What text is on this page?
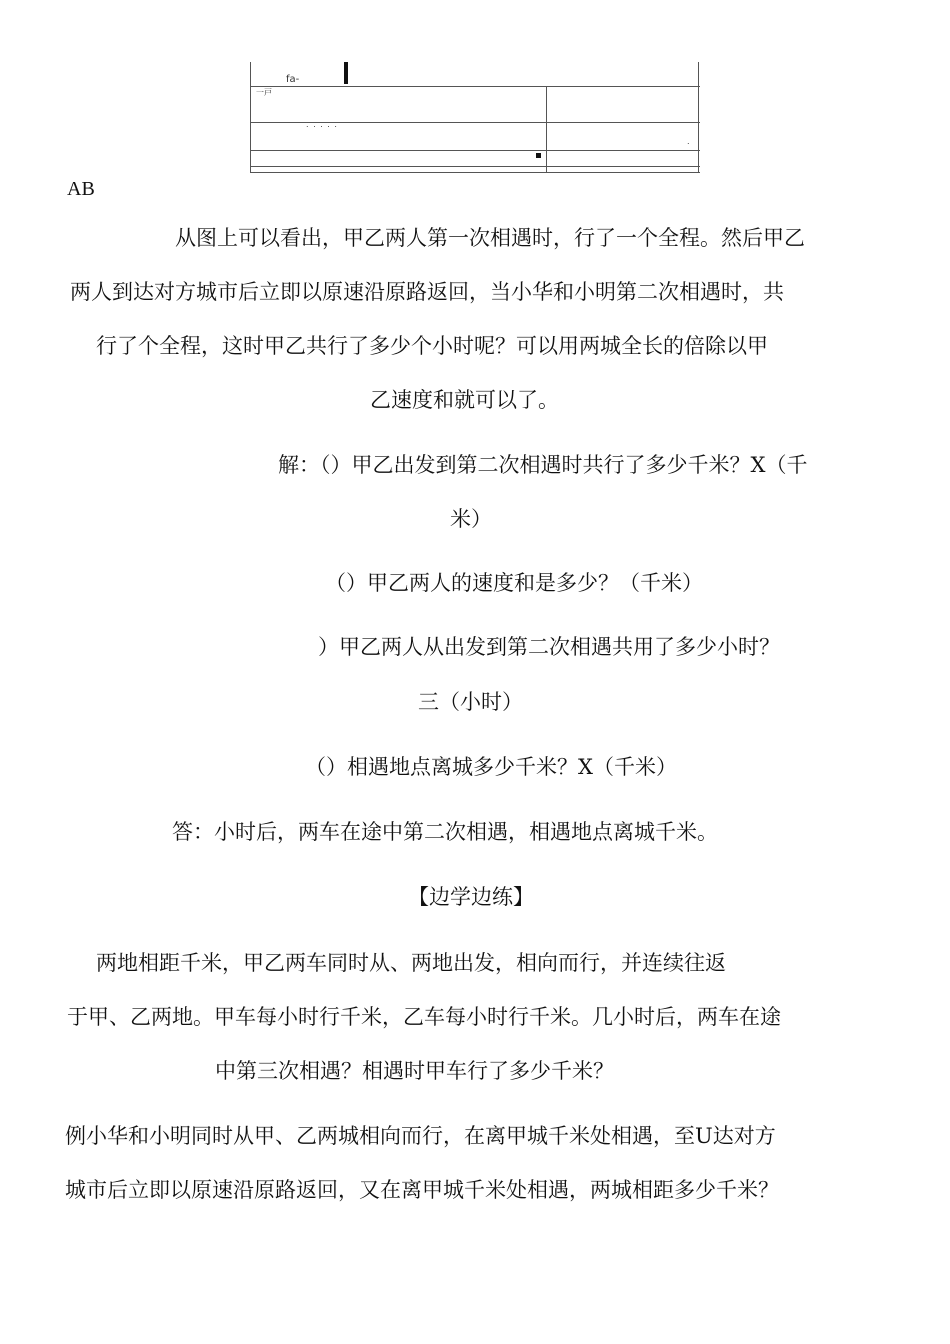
fa-
一戸
. . . . .
.
AB
从图上可以看出，甲乙两人第一次相遇时，行了一个全程。然后甲乙
两人到达对方城市后立即以原速沿原路返回，当小华和小明第二次相遇时，共
行了个全程，这时甲乙共行了多少个小时呢？可以用两城全长的倍除以甲
乙速度和就可以了。
解：（）甲乙出发到第二次相遇时共行了多少千米？X（千
米）
（）甲乙两人的速度和是多少？（千米）
）甲乙两人从出发到第二次相遇共用了多少小时？
三（小时）
（）相遇地点离城多少千米？X（千米）
答：小时后，两车在途中第二次相遇，相遇地点离城千米。
【边学边练】
两地相距千米，甲乙两车同时从、两地出发，相向而行，并连续往返
于甲、乙两地。甲车每小时行千米，乙车每小时行千米。几小时后，两车在途
中第三次相遇？相遇时甲车行了多少千米？
例小华和小明同时从甲、乙两城相向而行，在离甲城千米处相遇，至U达对方
城市后立即以原速沿原路返回，又在离甲城千米处相遇，两城相距多少千米？
